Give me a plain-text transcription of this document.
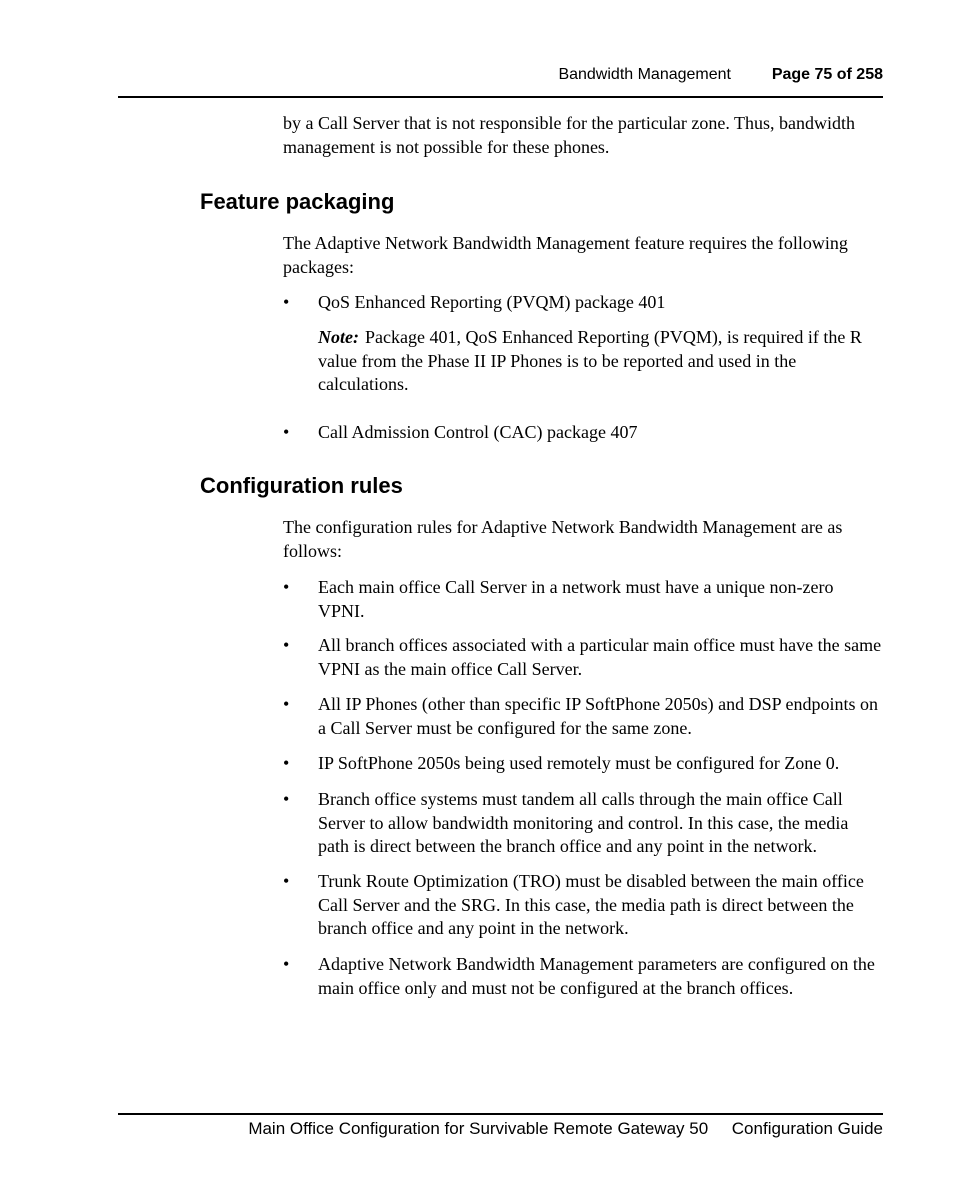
Bandwidth Management	Page 75 of 258

by a Call Server that is not responsible for the particular zone. Thus, bandwidth management is not possible for these phones.

Feature packaging

The Adaptive Network Bandwidth Management feature requires the following packages:

• QoS Enhanced Reporting (PVQM) package 401

Note: Package 401, QoS Enhanced Reporting (PVQM), is required if the R value from the Phase II IP Phones is to be reported and used in the calculations.

• Call Admission Control (CAC) package 407
Configuration rules

The configuration rules for Adaptive Network Bandwidth Management are as follows:

• Each main office Call Server in a network must have a unique non-zero VPNI.
• All branch offices associated with a particular main office must have the same VPNI as the main office Call Server.
• All IP Phones (other than specific IP SoftPhone 2050s) and DSP endpoints on a Call Server must be configured for the same zone.
• IP SoftPhone 2050s being used remotely must be configured for Zone 0.
• Branch office systems must tandem all calls through the main office Call Server to allow bandwidth monitoring and control. In this case, the media path is direct between the branch office and any point in the network.
• Trunk Route Optimization (TRO) must be disabled between the main office Call Server and the SRG. In this case, the media path is direct between the branch office and any point in the network.
• Adaptive Network Bandwidth Management parameters are configured on the main office only and must not be configured at the branch offices.
Main Office Configuration for Survivable Remote Gateway 50     Configuration Guide
